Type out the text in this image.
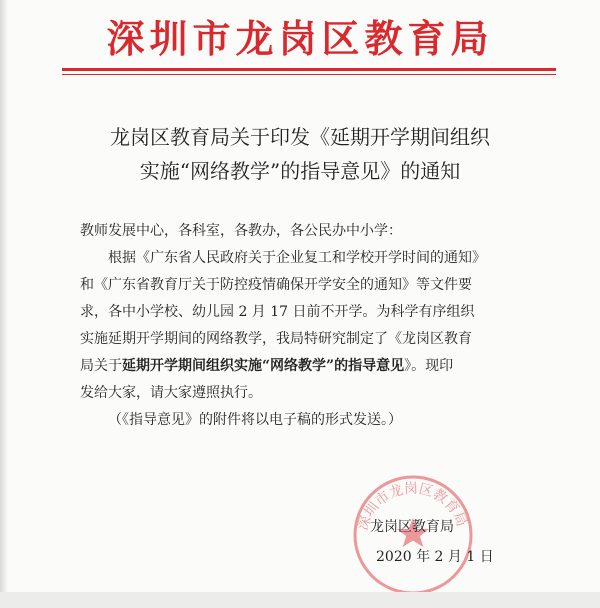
深圳市龙岗区教育局
龙岗区教育局关于印发《延期开学期间组织
实施“网络教学”的指导意见》的通知

教师发展中心，各科室，各教办，各公民办中小学：

根据《广东省人民政府关于企业复工和学校开学时间的通知》
和《广东省教育厅关于防控疫情确保开学安全的通知》等文件要
求，各中小学校、幼儿园 2 月 17 日前不开学。为科学有序组织
实施延期开学期间的网络教学，我局特研究制定了《龙岗区教育
局关于延期开学期间组织实施“网络教学”的指导意见》。现印
发给大家，请大家遵照执行。

（《指导意见》的附件将以电子稿的形式发送。）

深圳市龙岗区教育局
龙岗区教育局
2020 年 2 月 1 日
